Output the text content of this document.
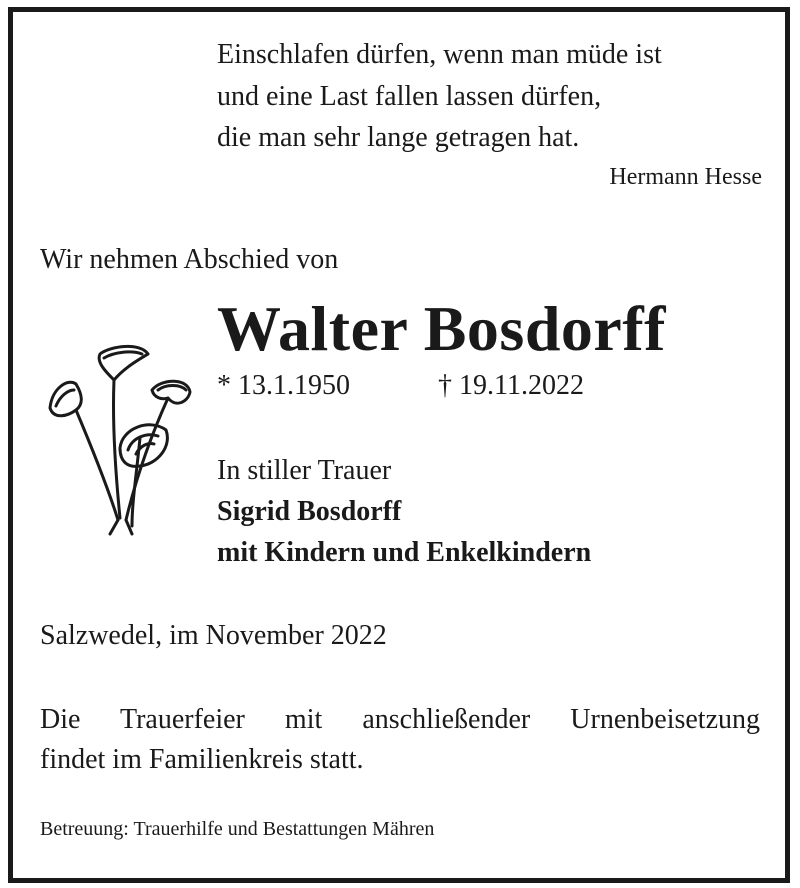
Einschlafen dürfen, wenn man müde ist
und eine Last fallen lassen dürfen,
die man sehr lange getragen hat.
Hermann Hesse
Wir nehmen Abschied von
Walter Bosdorff
* 13.1.1950	† 19.11.2022
In stiller Trauer
Sigrid Bosdorff
mit Kindern und Enkelkindern
Salzwedel, im November 2022
Die Trauerfeier mit anschließender Urnenbeisetzung
findet im Familienkreis statt.
Betreuung: Trauerhilfe und Bestattungen Mähren
